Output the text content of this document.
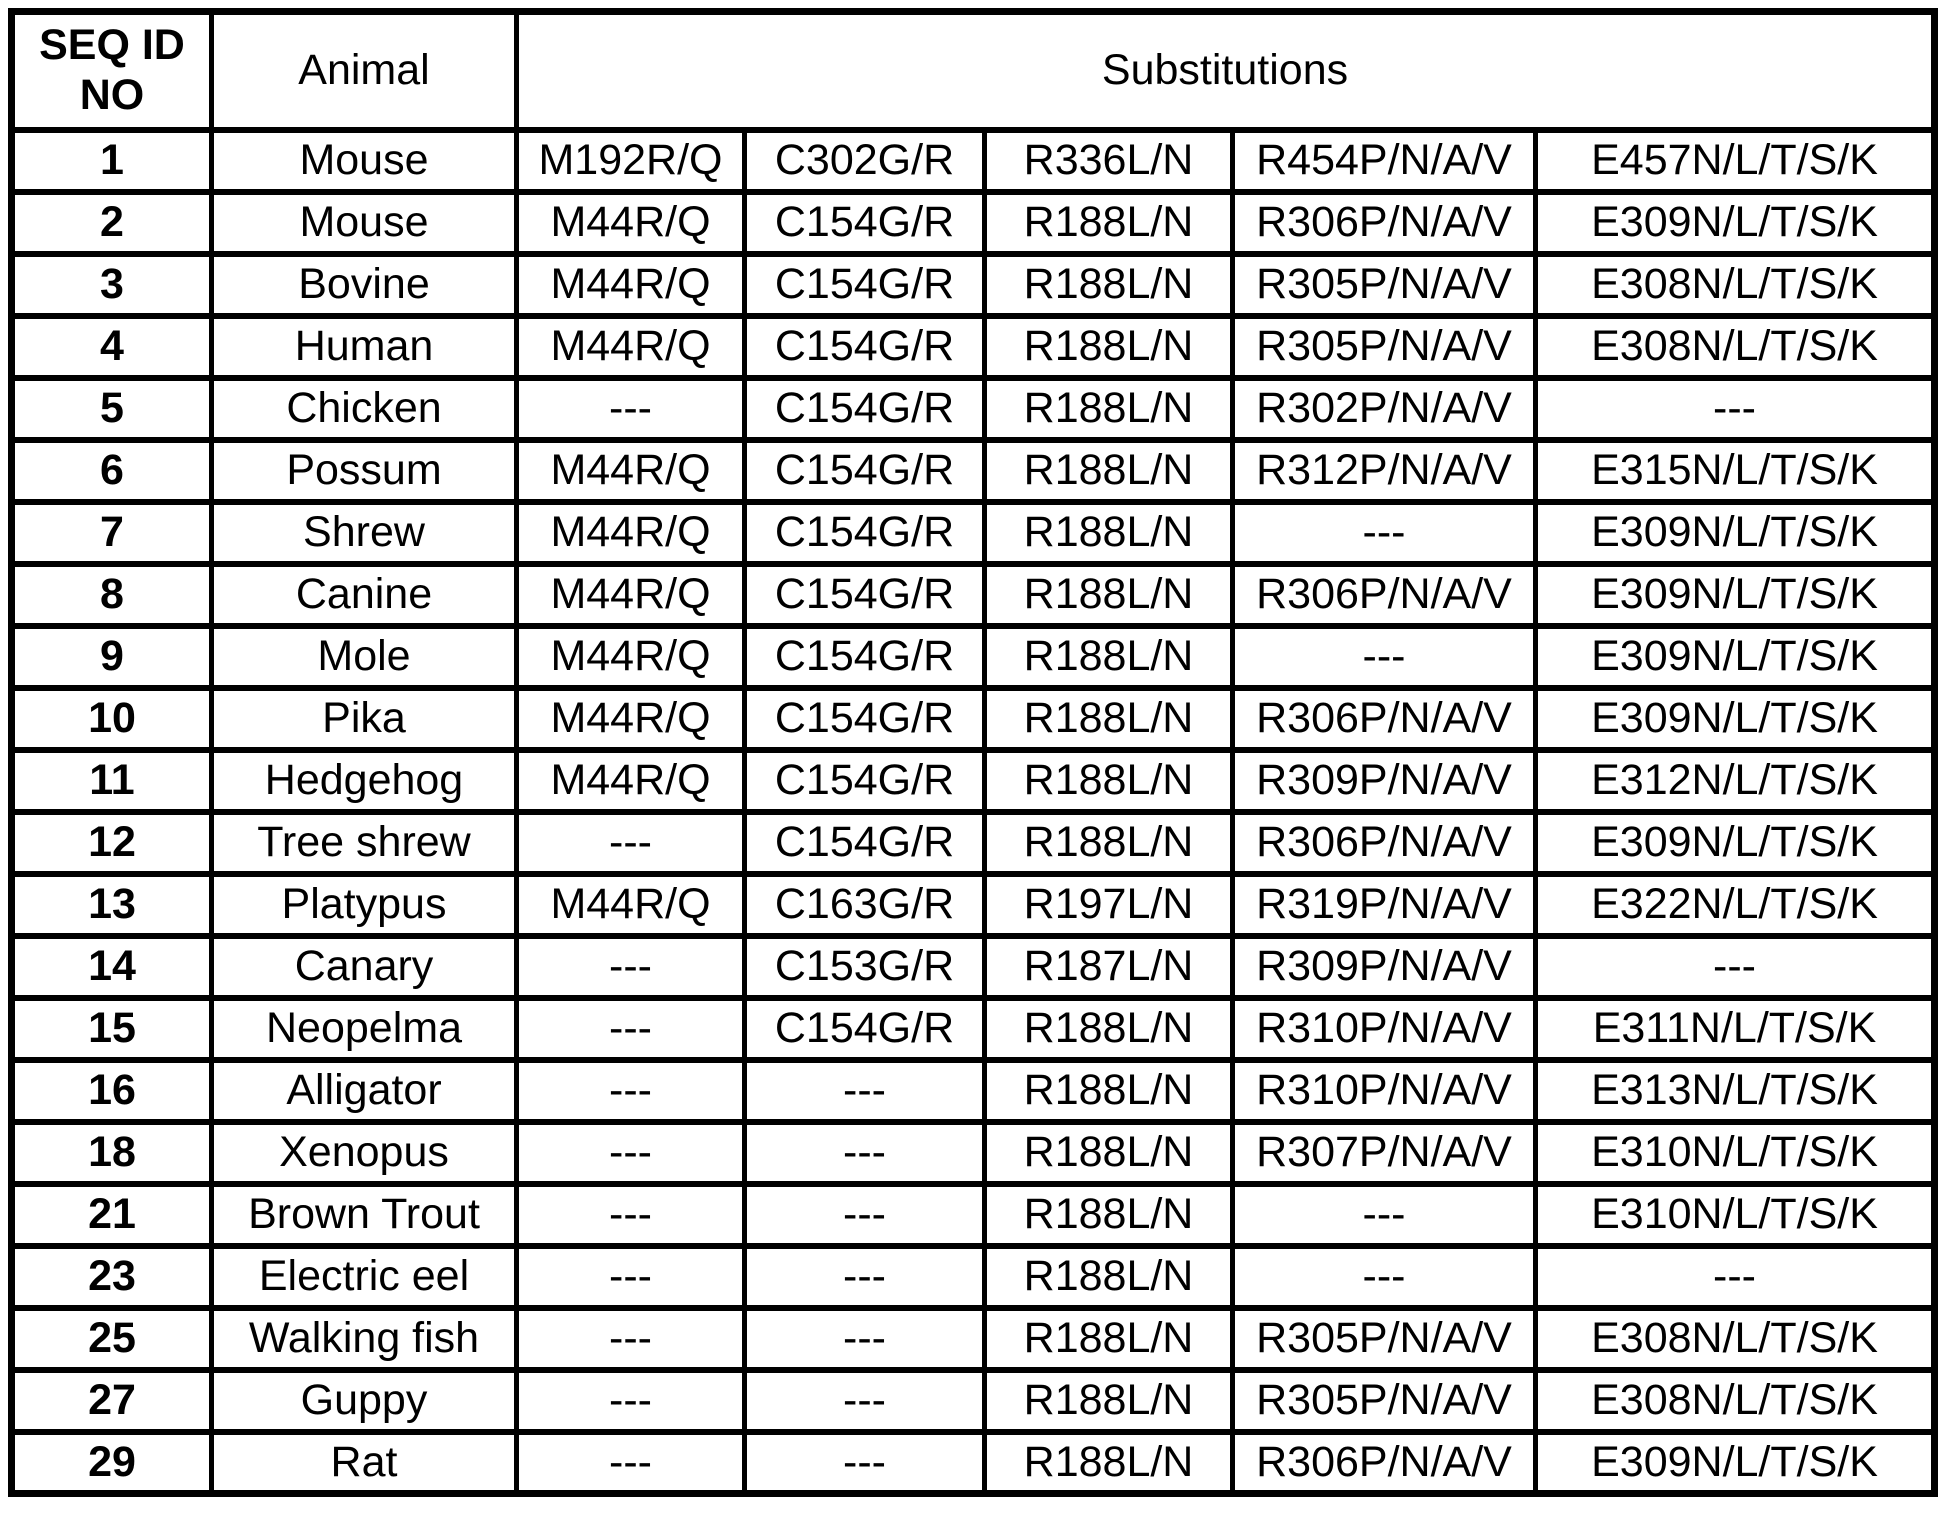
SEQ ID
NO	Animal	Substitutions				
1	Mouse	M192R/Q	C302G/R	R336L/N	R454P/N/A/V	E457N/L/T/S/K
2	Mouse	M44R/Q	C154G/R	R188L/N	R306P/N/A/V	E309N/L/T/S/K
3	Bovine	M44R/Q	C154G/R	R188L/N	R305P/N/A/V	E308N/L/T/S/K
4	Human	M44R/Q	C154G/R	R188L/N	R305P/N/A/V	E308N/L/T/S/K
5	Chicken	---	C154G/R	R188L/N	R302P/N/A/V	---
6	Possum	M44R/Q	C154G/R	R188L/N	R312P/N/A/V	E315N/L/T/S/K
7	Shrew	M44R/Q	C154G/R	R188L/N	---	E309N/L/T/S/K
8	Canine	M44R/Q	C154G/R	R188L/N	R306P/N/A/V	E309N/L/T/S/K
9	Mole	M44R/Q	C154G/R	R188L/N	---	E309N/L/T/S/K
10	Pika	M44R/Q	C154G/R	R188L/N	R306P/N/A/V	E309N/L/T/S/K
11	Hedgehog	M44R/Q	C154G/R	R188L/N	R309P/N/A/V	E312N/L/T/S/K
12	Tree shrew	---	C154G/R	R188L/N	R306P/N/A/V	E309N/L/T/S/K
13	Platypus	M44R/Q	C163G/R	R197L/N	R319P/N/A/V	E322N/L/T/S/K
14	Canary	---	C153G/R	R187L/N	R309P/N/A/V	---
15	Neopelma	---	C154G/R	R188L/N	R310P/N/A/V	E311N/L/T/S/K
16	Alligator	---	---	R188L/N	R310P/N/A/V	E313N/L/T/S/K
18	Xenopus	---	---	R188L/N	R307P/N/A/V	E310N/L/T/S/K
21	Brown Trout	---	---	R188L/N	---	E310N/L/T/S/K
23	Electric eel	---	---	R188L/N	---	---
25	Walking fish	---	---	R188L/N	R305P/N/A/V	E308N/L/T/S/K
27	Guppy	---	---	R188L/N	R305P/N/A/V	E308N/L/T/S/K
29	Rat	---	---	R188L/N	R306P/N/A/V	E309N/L/T/S/K
